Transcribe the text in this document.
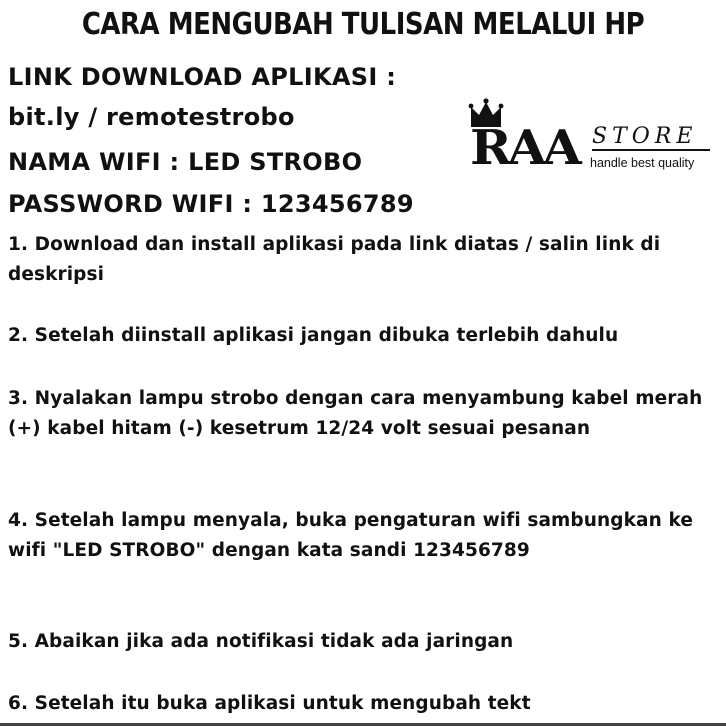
CARA MENGUBAH TULISAN MELALUI HP
LINK DOWNLOAD APLIKASI :
bit.ly / remotestrobo
NAMA WIFI : LED STROBO
PASSWORD WIFI : 123456789
RAA STORE
handle best quality
1. Download dan install aplikasi pada link diatas / salin link di deskripsi
2. Setelah diinstall aplikasi jangan dibuka terlebih dahulu
3. Nyalakan lampu strobo dengan cara menyambung kabel merah (+) kabel hitam (-) kesetrum 12/24 volt sesuai pesanan
4. Setelah lampu menyala, buka pengaturan wifi sambungkan ke wifi "LED STROBO" dengan kata sandi 123456789
5. Abaikan jika ada notifikasi tidak ada jaringan
6. Setelah itu buka aplikasi untuk mengubah tekt
